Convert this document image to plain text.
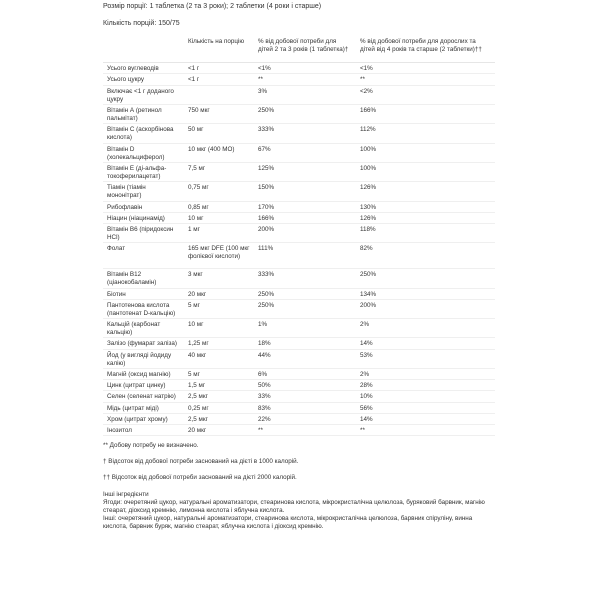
Розмір порції: 1 таблетка (2 та 3 роки); 2 таблетки (4 роки і старше)

Кількість порцій: 150/75

	Кількість на порцію	% від добової потреби для дітей 2 та 3 років (1 таблетка)†	% від добової потреби для дорослих та дітей від 4 років та старше (2 таблетки)††
Усього вуглеводів	<1 г	<1%	<1%
Усього цукру	<1 г	**	**
Включає <1 г доданого цукру		3%	<2%
Вітамін А (ретинол пальмітат)	750 мкг	250%	166%
Вітамін С (аскорбінова кислота)	50 мг	333%	112%
Вітамін D (холекальциферол)	10 мкг (400 МО)	67%	100%
Вітамін Е (ді-альфа-токоферилацетат)	7,5 мг	125%	100%
Тіамін (тіамін мононітрат)	0,75 мг	150%	126%
Рибофлавін	0,85 мг	170%	130%
Ніацин (ніацинамід)	10 мг	166%	126%
Вітамін В6 (піридоксин HCl)	1 мг	200%	118%
Фолат	165 мкг DFE (100 мкг фолієвої кислоти)	111%	82%
Вітамін В12 (ціанокобаламін)	3 мкг	333%	250%
Біотин	20 мкг	250%	134%
Пантотенова кислота (пантотенат D-кальцію)	5 мг	250%	200%
Кальцій (карбонат кальцію)	10 мг	1%	2%
Залізо (фумарат заліза)	1,25 мг	18%	14%
Йод (у вигляді йодиду калію)	40 мкг	44%	53%
Магній (оксид магнію)	5 мг	6%	2%
Цинк (цитрат цинку)	1,5 мг	50%	28%
Селен (селенат натрію)	2,5 мкг	33%	10%
Мідь (цитрат міді)	0,25 мг	83%	56%
Хром (цитрат хрому)	2,5 мкг	22%	14%
Інозитол	20 мкг	**	**

** Добову потребу не визначено.

† Відсоток від добової потреби заснований на дієті в 1000 калорій.

†† Відсоток від добової потреби заснований на дієті 2000 калорій.

Інші інгредієнти

Ягоди: очеретяний цукор, натуральні ароматизатори, стеаринова кислота, мікрокристалічна целюлоза, буряковий барвник, магнію стеарат, діоксид кремнію, лимонна кислота і яблучна кислота.

Інші: очеретяний цукор, натуральні ароматизатори, стеаринова кислота, мікрокристалічна целюлоза, барвник спіруліну, винна кислота, барвник буряк, магнію стеарат, яблучна кислота і діоксид кремнію.
